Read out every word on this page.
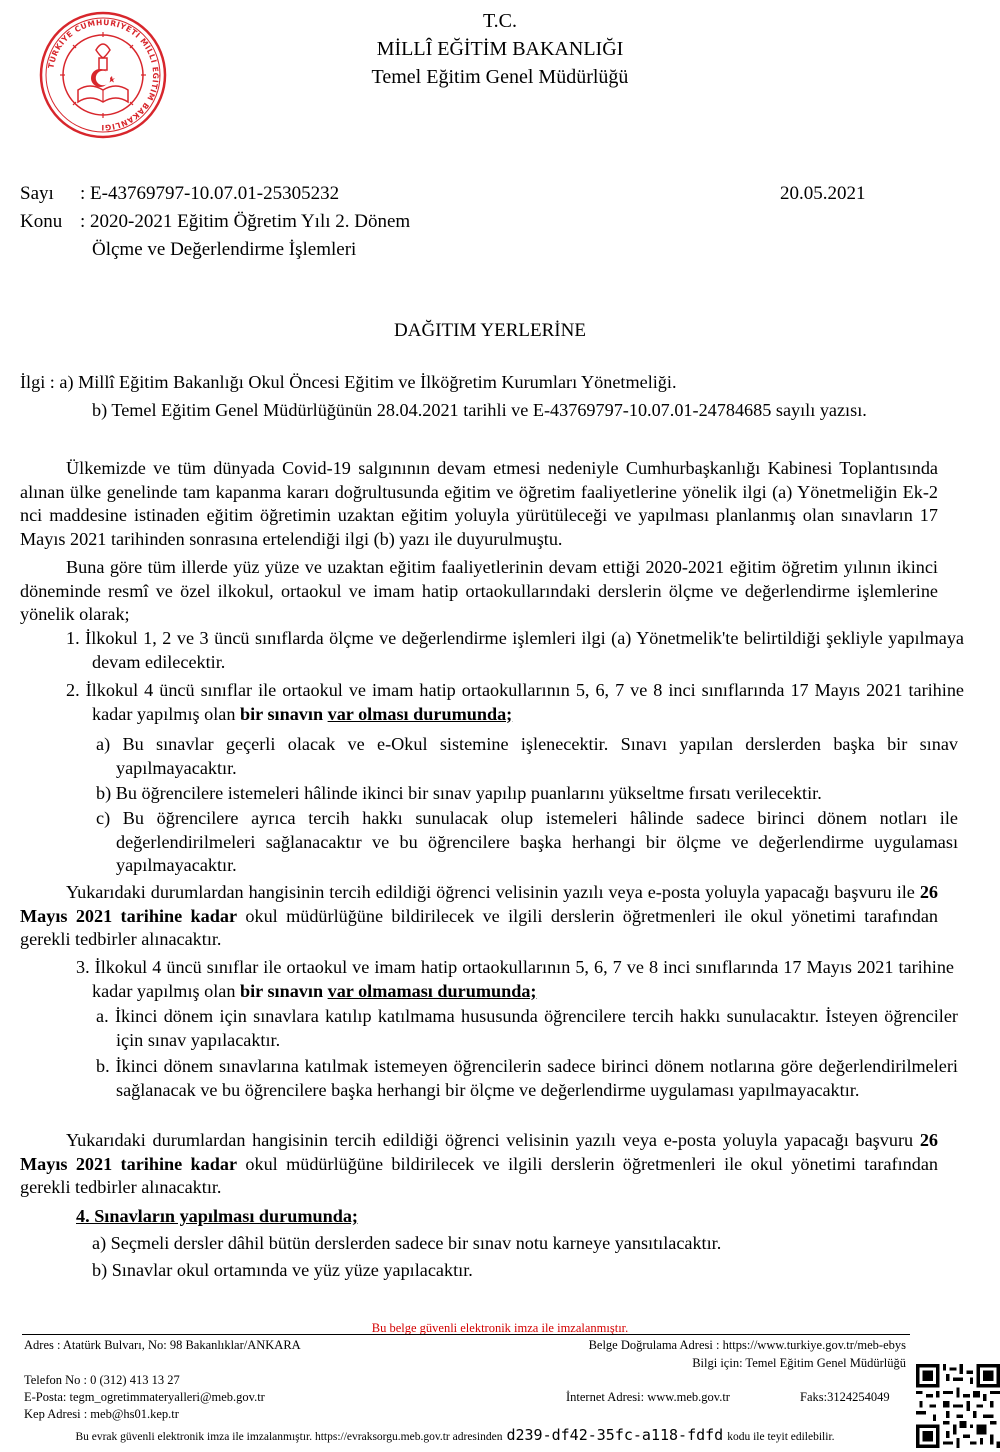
TÜRKİYE CUMHURİYETİ MİLLÎ EĞİTİM BAKANLIĞI
T.C.
MİLLÎ EĞİTİM BAKANLIĞI
Temel Eğitim Genel Müdürlüğü
Sayı : E-43769797-10.07.01-25305232	20.05.2021
Konu : 2020-2021 Eğitim Öğretim Yılı 2. Dönem
Ölçme ve Değerlendirme İşlemleri
DAĞITIM YERLERİNE
İlgi : a) Millî Eğitim Bakanlığı Okul Öncesi Eğitim ve İlköğretim Kurumları Yönetmeliği.
b) Temel Eğitim Genel Müdürlüğünün 28.04.2021 tarihli ve E-43769797-10.07.01-24784685 sayılı yazısı.
Ülkemizde ve tüm dünyada Covid-19 salgınının devam etmesi nedeniyle Cumhurbaşkanlığı Kabinesi Toplantısında alınan ülke genelinde tam kapanma kararı doğrultusunda eğitim ve öğretim faaliyetlerine yönelik ilgi (a) Yönetmeliğin Ek-2 nci maddesine istinaden eğitim öğretimin uzaktan eğitim yoluyla yürütüleceği ve yapılması planlanmış olan sınavların 17 Mayıs 2021 tarihinden sonrasına ertelendiği ilgi (b) yazı ile duyurulmuştu.
Buna göre tüm illerde yüz yüze ve uzaktan eğitim faaliyetlerinin devam ettiği 2020-2021 eğitim öğretim yılının ikinci döneminde resmî ve özel ilkokul, ortaokul ve imam hatip ortaokullarındaki derslerin ölçme ve değerlendirme işlemlerine yönelik olarak;
1. İlkokul 1, 2 ve 3 üncü sınıflarda ölçme ve değerlendirme işlemleri ilgi (a) Yönetmelik'te belirtildiği şekliyle yapılmaya devam edilecektir.
2. İlkokul 4 üncü sınıflar ile ortaokul ve imam hatip ortaokullarının 5, 6, 7 ve 8 inci sınıflarında 17 Mayıs 2021 tarihine kadar yapılmış olan bir sınavın var olması durumunda;
a) Bu sınavlar geçerli olacak ve e-Okul sistemine işlenecektir. Sınavı yapılan derslerden başka bir sınav yapılmayacaktır.
b) Bu öğrencilere istemeleri hâlinde ikinci bir sınav yapılıp puanlarını yükseltme fırsatı verilecektir.
c) Bu öğrencilere ayrıca tercih hakkı sunulacak olup istemeleri hâlinde sadece birinci dönem notları ile değerlendirilmeleri sağlanacaktır ve bu öğrencilere başka herhangi bir ölçme ve değerlendirme uygulaması yapılmayacaktır.
Yukarıdaki durumlardan hangisinin tercih edildiği öğrenci velisinin yazılı veya e-posta yoluyla yapacağı başvuru ile 26 Mayıs 2021 tarihine kadar okul müdürlüğüne bildirilecek ve ilgili derslerin öğretmenleri ile okul yönetimi tarafından gerekli tedbirler alınacaktır.
3. İlkokul 4 üncü sınıflar ile ortaokul ve imam hatip ortaokullarının 5, 6, 7 ve 8 inci sınıflarında 17 Mayıs 2021 tarihine kadar yapılmış olan bir sınavın var olmaması durumunda;
a. İkinci dönem için sınavlara katılıp katılmama hususunda öğrencilere tercih hakkı sunulacaktır. İsteyen öğrenciler için sınav yapılacaktır.
b. İkinci dönem sınavlarına katılmak istemeyen öğrencilerin sadece birinci dönem notlarına göre değerlendirilmeleri sağlanacak ve bu öğrencilere başka herhangi bir ölçme ve değerlendirme uygulaması yapılmayacaktır.
Yukarıdaki durumlardan hangisinin tercih edildiği öğrenci velisinin yazılı veya e-posta yoluyla yapacağı başvuru 26 Mayıs 2021 tarihine kadar okul müdürlüğüne bildirilecek ve ilgili derslerin öğretmenleri ile okul yönetimi tarafından gerekli tedbirler alınacaktır.
4. Sınavların yapılması durumunda;
a) Seçmeli dersler dâhil bütün derslerden sadece bir sınav notu karneye yansıtılacaktır.
b) Sınavlar okul ortamında ve yüz yüze yapılacaktır.
Bu belge güvenli elektronik imza ile imzalanmıştır.
Adres : Atatürk Bulvarı, No: 98 Bakanlıklar/ANKARA	Belge Doğrulama Adresi : https://www.turkiye.gov.tr/meb-ebys
Bilgi için: Temel Eğitim Genel Müdürlüğü
Telefon No : 0 (312) 413 13 27
E-Posta: tegm_ogretimmateryalleri@meb.gov.tr	İnternet Adresi: www.meb.gov.tr	Faks:3124254049
Kep Adresi : meb@hs01.kep.tr
Bu evrak güvenli elektronik imza ile imzalanmıştır. https://evraksorgu.meb.gov.tr adresinden d239-df42-35fc-a118-fdfd kodu ile teyit edilebilir.
